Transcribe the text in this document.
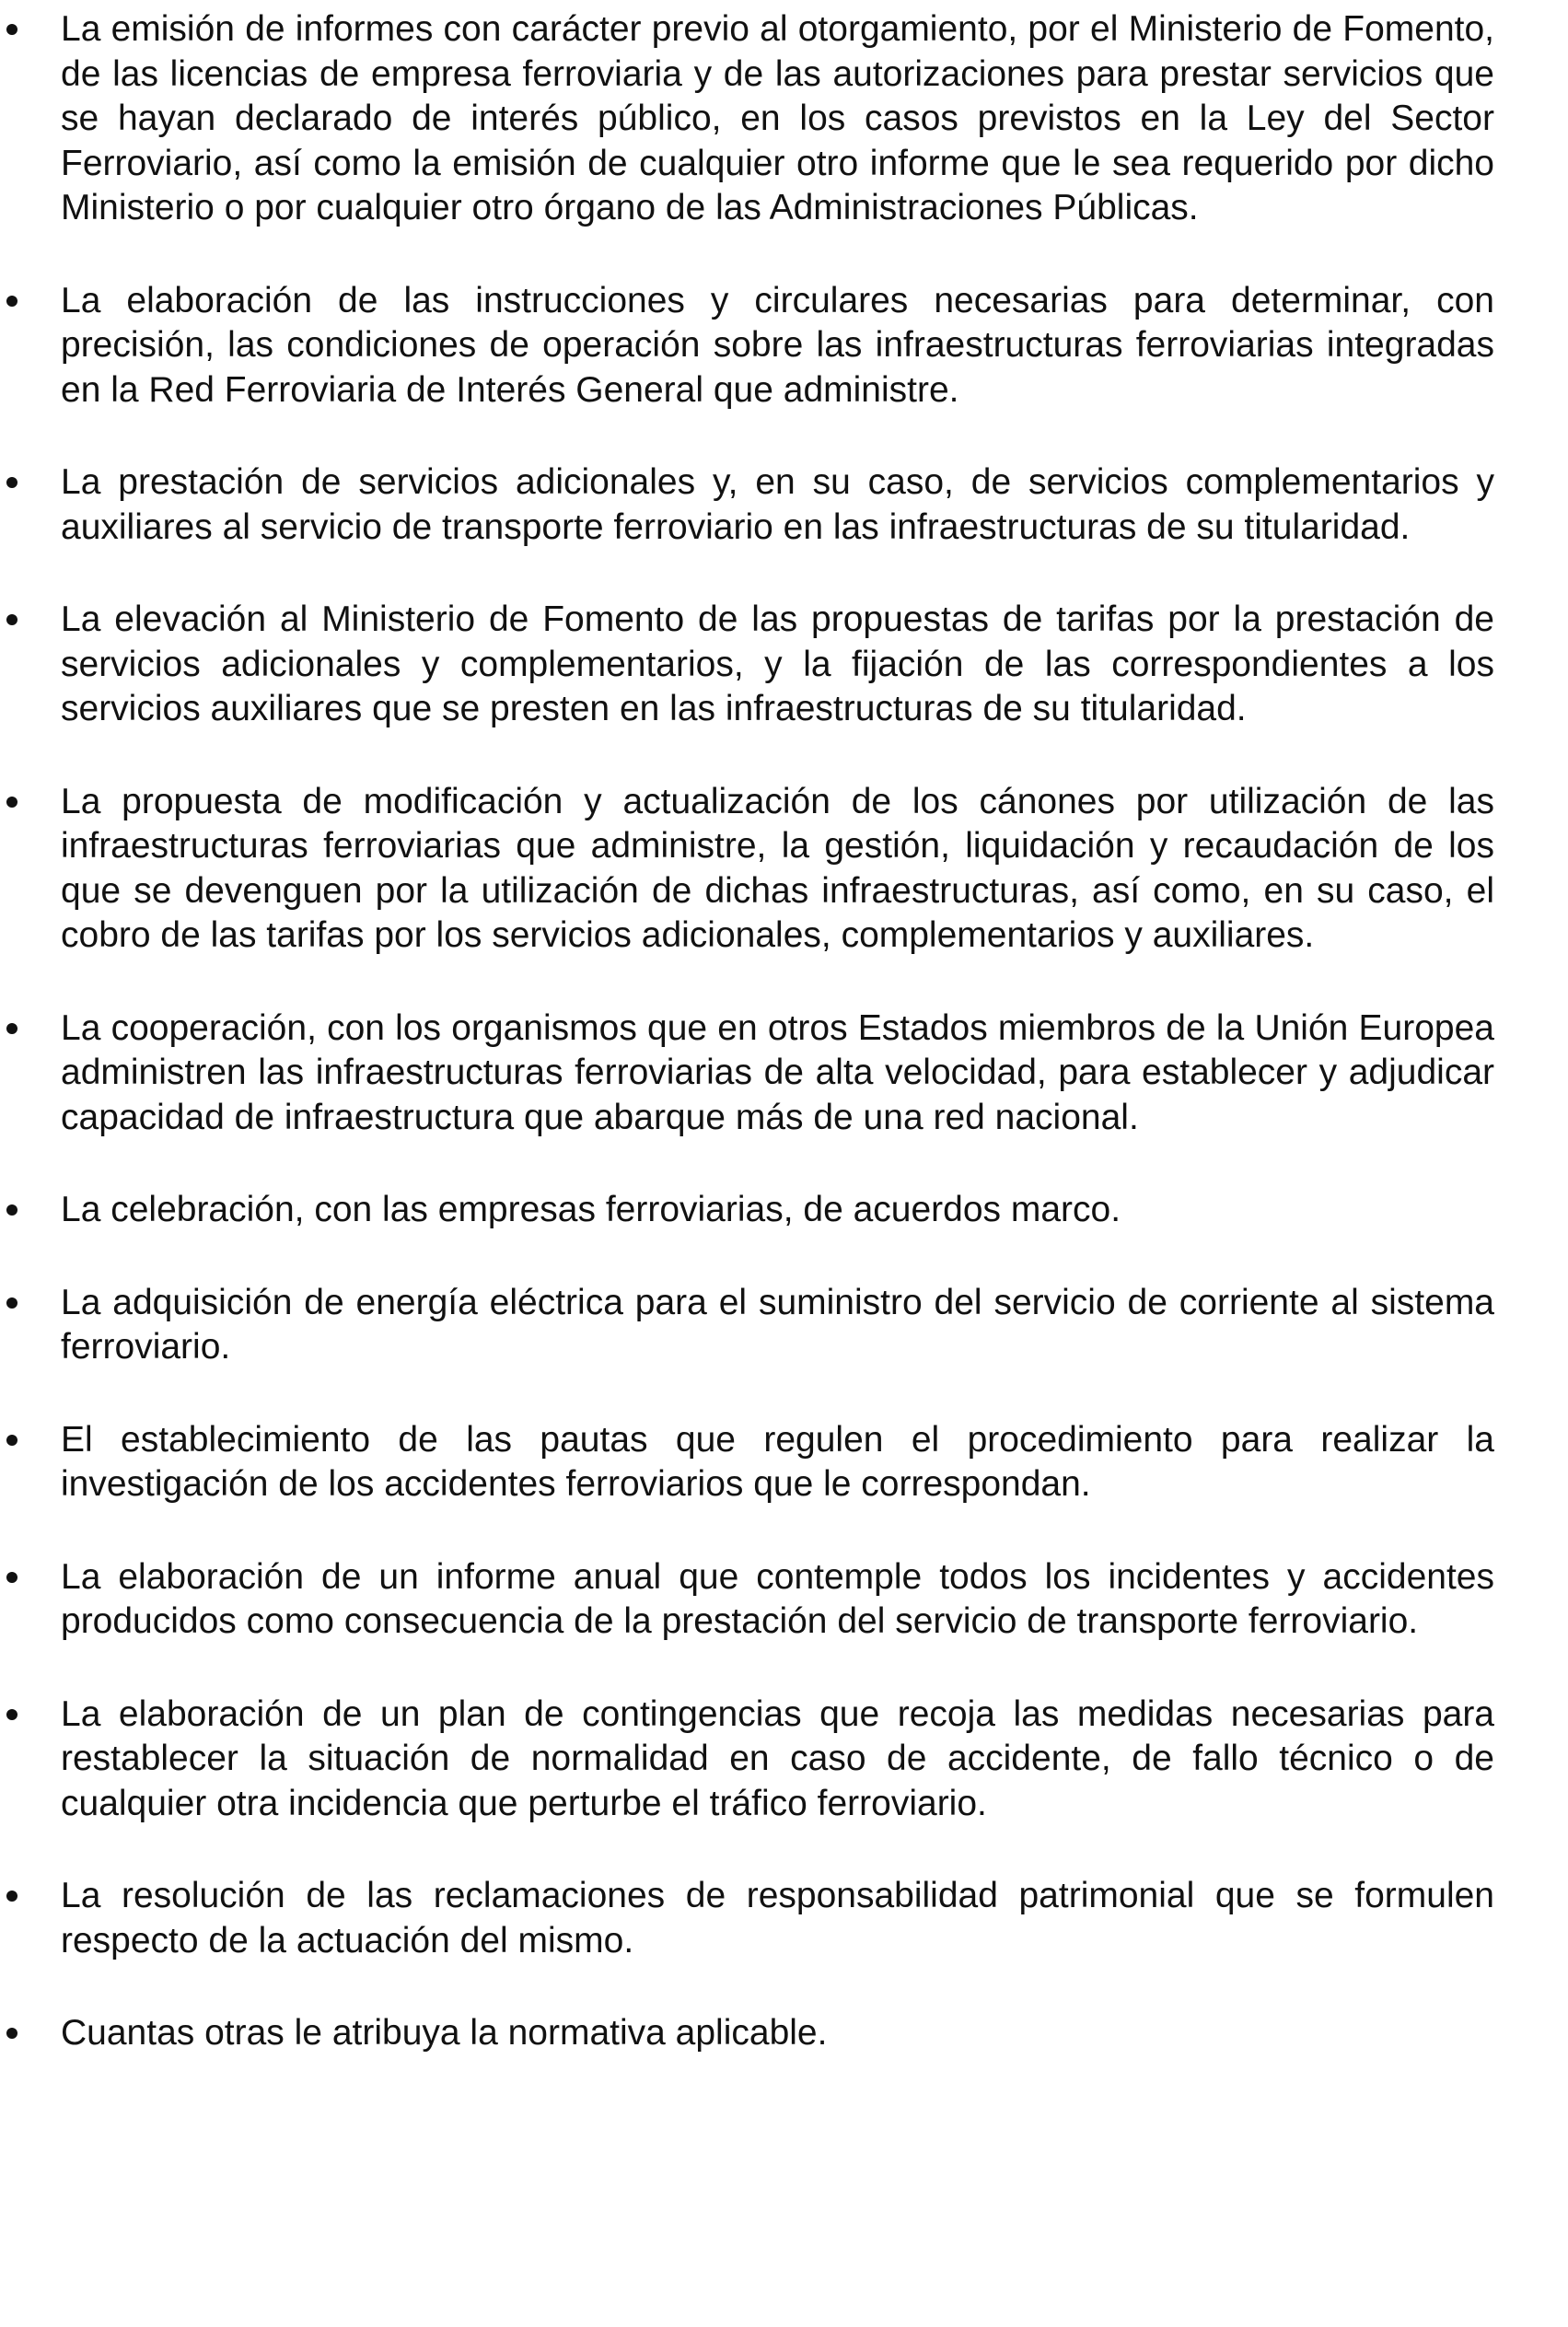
La emisión de informes con carácter previo al otorgamiento, por el Ministerio de Fomento, de las licencias de empresa ferroviaria y de las autorizaciones para prestar servicios que se hayan declarado de interés público, en los casos previstos en la Ley del Sector Ferroviario, así como la emisión de cualquier otro informe que le sea requerido por dicho Ministerio o por cualquier otro órgano de las Administraciones Públicas.
La elaboración de las instrucciones y circulares necesarias para determinar, con precisión, las condiciones de operación sobre las infraestructuras ferroviarias integradas en la Red Ferroviaria de Interés General que administre.
La prestación de servicios adicionales y, en su caso, de servicios complementarios y auxiliares al servicio de transporte ferroviario en las infraestructuras de su titularidad.
La elevación al Ministerio de Fomento de las propuestas de tarifas por la prestación de servicios adicionales y complementarios, y la fijación de las correspondientes a los servicios auxiliares que se presten en las infraestructuras de su titularidad.
La propuesta de modificación y actualización de los cánones por utilización de las infraestructuras ferroviarias que administre, la gestión, liquidación y recaudación de los que se devenguen por la utilización de dichas infraestructuras, así como, en su caso, el cobro de las tarifas por los servicios adicionales, complementarios y auxiliares.
La cooperación, con los organismos que en otros Estados miembros de la Unión Europea administren las infraestructuras ferroviarias de alta velocidad, para establecer y adjudicar capacidad de infraestructura que abarque más de una red nacional.
La celebración, con las empresas ferroviarias, de acuerdos marco.
La adquisición de energía eléctrica para el suministro del servicio de corriente al sistema ferroviario.
El establecimiento de las pautas que regulen el procedimiento para realizar la investigación de los accidentes ferroviarios que le correspondan.
La elaboración de un informe anual que contemple todos los incidentes y accidentes producidos como consecuencia de la prestación del servicio de transporte ferroviario.
La elaboración de un plan de contingencias que recoja las medidas necesarias para restablecer la situación de normalidad en caso de accidente, de fallo técnico o de cualquier otra incidencia que perturbe el tráfico ferroviario.
La resolución de las reclamaciones de responsabilidad patrimonial que se formulen respecto de la actuación del mismo.
Cuantas otras le atribuya la normativa aplicable.
